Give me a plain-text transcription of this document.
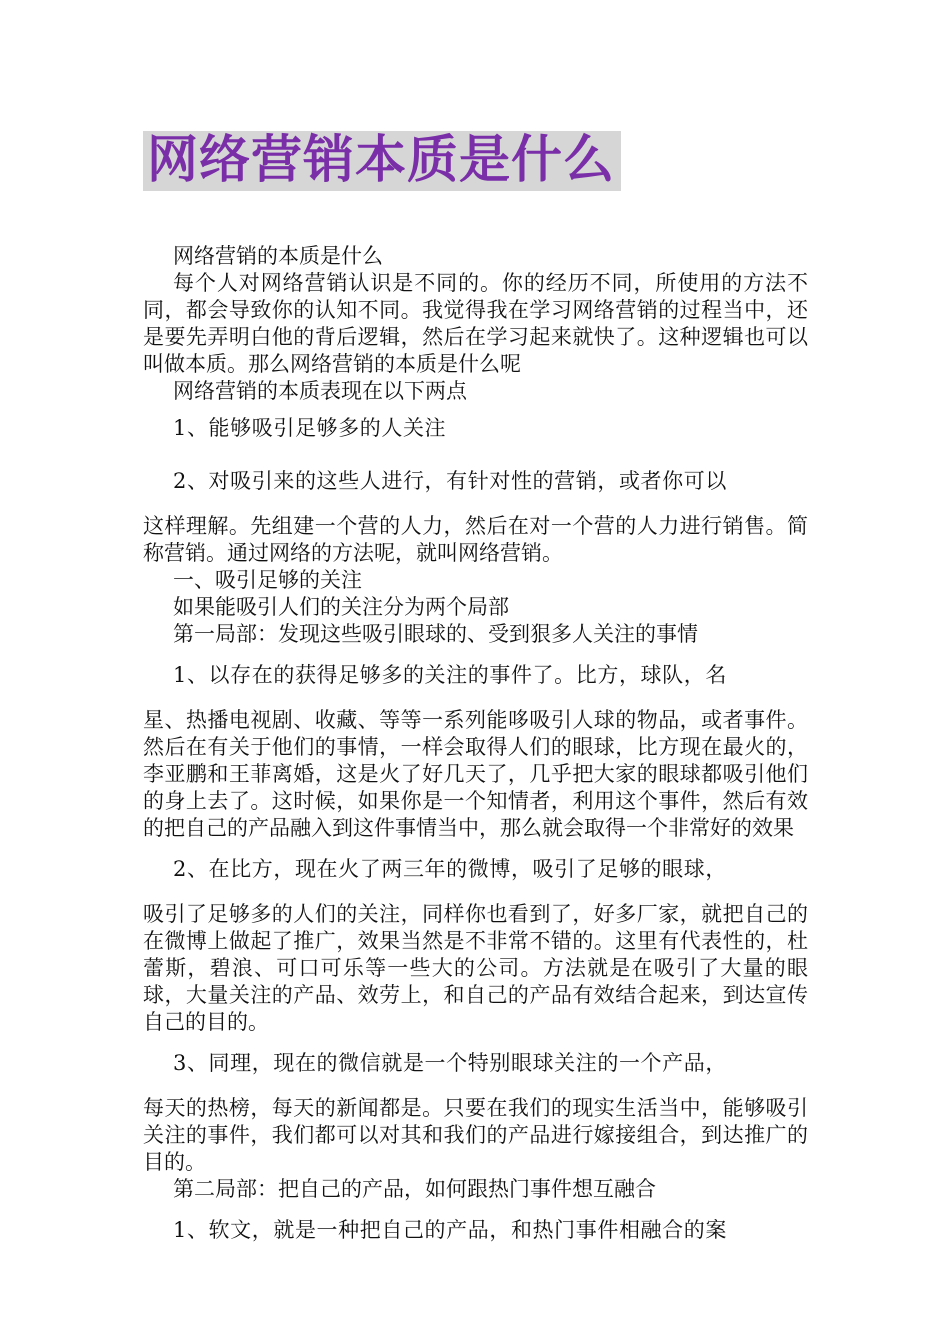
网络营销本质是什么

网络营销的本质是什么

每个人对网络营销认识是不同的。你的经历不同，所使用的方法不同，都会导致你的认知不同。我觉得我在学习网络营销的过程当中，还是要先弄明白他的背后逻辑，然后在学习起来就快了。这种逻辑也可以叫做本质。那么网络营销的本质是什么呢

网络营销的本质表现在以下两点

1、能够吸引足够多的人关注

2、对吸引来的这些人进行，有针对性的营销，或者你可以

这样理解。先组建一个营的人力，然后在对一个营的人力进行销售。简称营销。通过网络的方法呢，就叫网络营销。

一、吸引足够的关注

如果能吸引人们的关注分为两个局部

第一局部：发现这些吸引眼球的、受到狠多人关注的事情

1、以存在的获得足够多的关注的事件了。比方，球队，名

星、热播电视剧、收藏、等等一系列能哆吸引人球的物品，或者事件。然后在有关于他们的事情，一样会取得人们的眼球，比方现在最火的，李亚鹏和王菲离婚，这是火了好几天了，几乎把大家的眼球都吸引他们的身上去了。这时候，如果你是一个知情者，利用这个事件，然后有效的把自己的产品融入到这件事情当中，那么就会取得一个非常好的效果

2、在比方，现在火了两三年的微博，吸引了足够的眼球，

吸引了足够多的人们的关注，同样你也看到了，好多厂家，就把自己的在微博上做起了推广，效果当然是不非常不错的。这里有代表性的，杜蕾斯，碧浪、可口可乐等一些大的公司。方法就是在吸引了大量的眼球，大量关注的产品、效劳上，和自己的产品有效结合起来，到达宣传自己的目的。

3、同理，现在的微信就是一个特别眼球关注的一个产品，

每天的热榜，每天的新闻都是。只要在我们的现实生活当中，能够吸引关注的事件，我们都可以对其和我们的产品进行嫁接组合，到达推广的目的。

第二局部：把自己的产品，如何跟热门事件想互融合

1、软文，就是一种把自己的产品，和热门事件相融合的案
